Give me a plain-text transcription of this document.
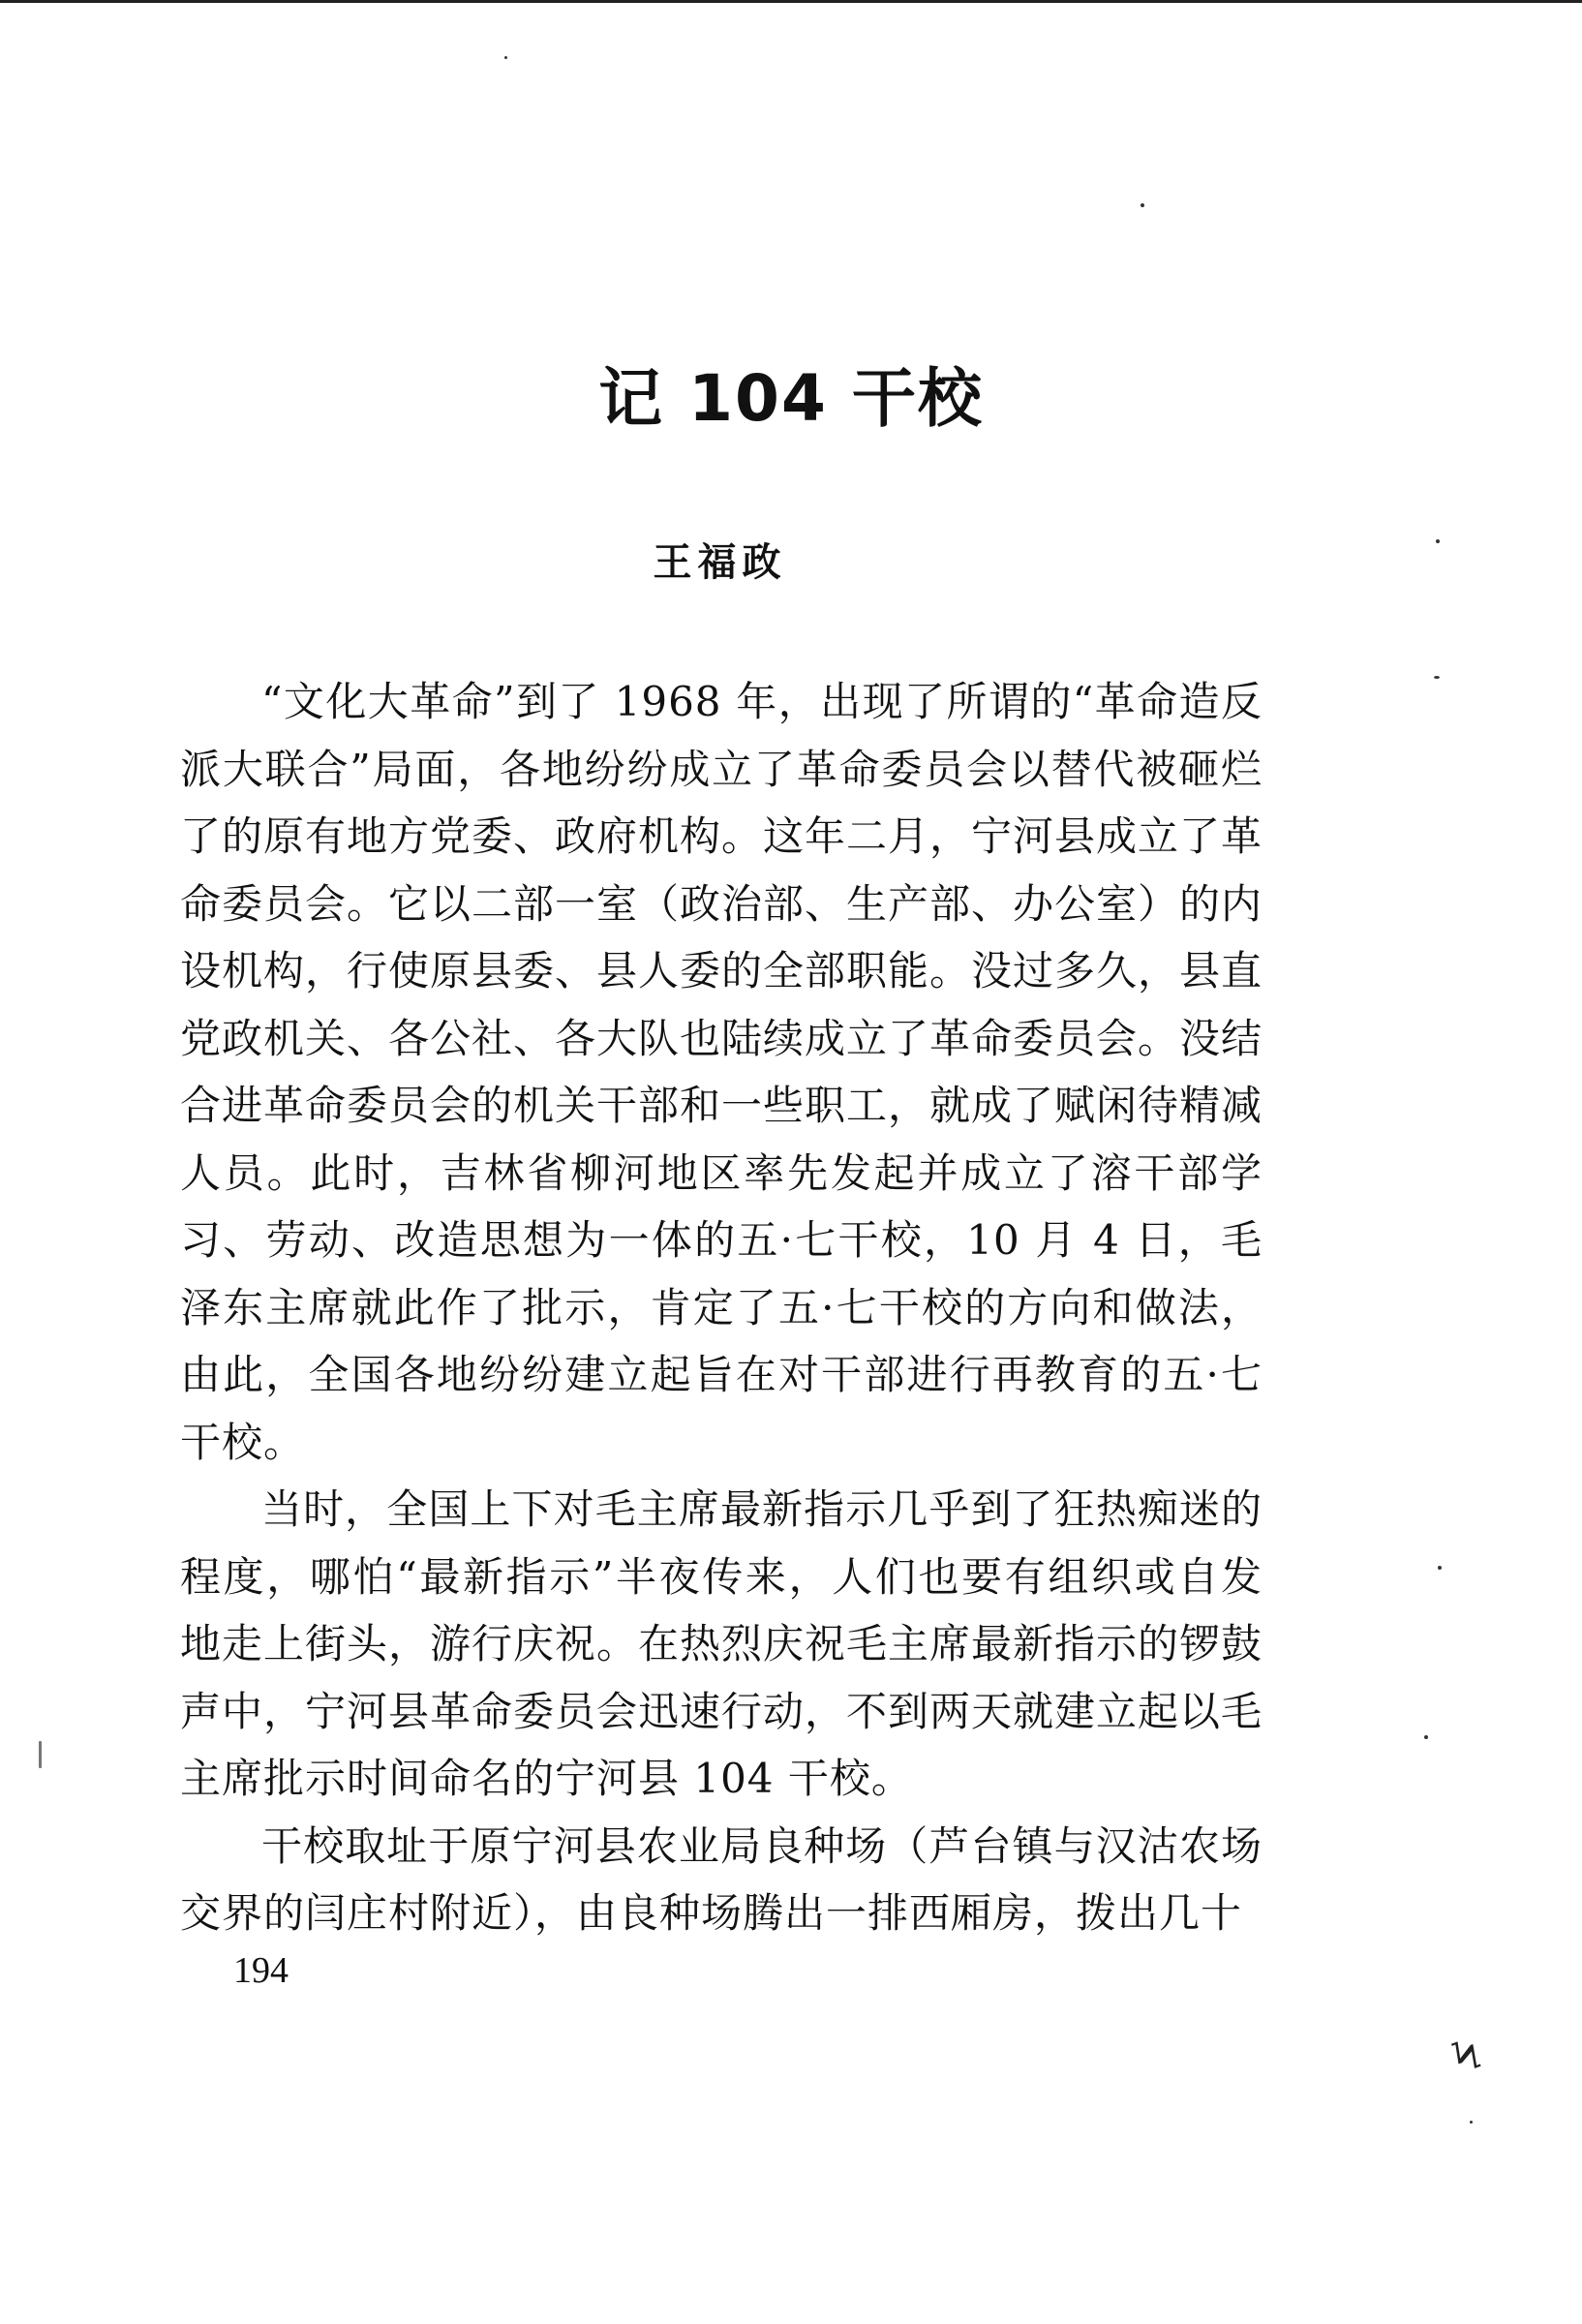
记 104 干校
王福政

“文化大革命”到了 1968 年，出现了所谓的“革命造反派大联合”局面，各地纷纷成立了革命委员会以替代被砸烂了的原有地方党委、政府机构。这年二月，宁河县成立了革命委员会。它以二部一室（政治部、生产部、办公室）的内设机构，行使原县委、县人委的全部职能。没过多久，县直党政机关、各公社、各大队也陆续成立了革命委员会。没结合进革命委员会的机关干部和一些职工，就成了赋闲待精减人员。此时，吉林省柳河地区率先发起并成立了溶干部学习、劳动、改造思想为一体的五·七干校，10 月 4 日，毛泽东主席就此作了批示，肯定了五·七干校的方向和做法，由此，全国各地纷纷建立起旨在对干部进行再教育的五·七干校。

当时，全国上下对毛主席最新指示几乎到了狂热痴迷的程度，哪怕“最新指示”半夜传来，人们也要有组织或自发地走上街头，游行庆祝。在热烈庆祝毛主席最新指示的锣鼓声中，宁河县革命委员会迅速行动，不到两天就建立起以毛主席批示时间命名的宁河县 104 干校。

干校取址于原宁河县农业局良种场（芦台镇与汉沽农场交界的闫庄村附近），由良种场腾出一排西厢房，拨出几十

194
Ϟ
